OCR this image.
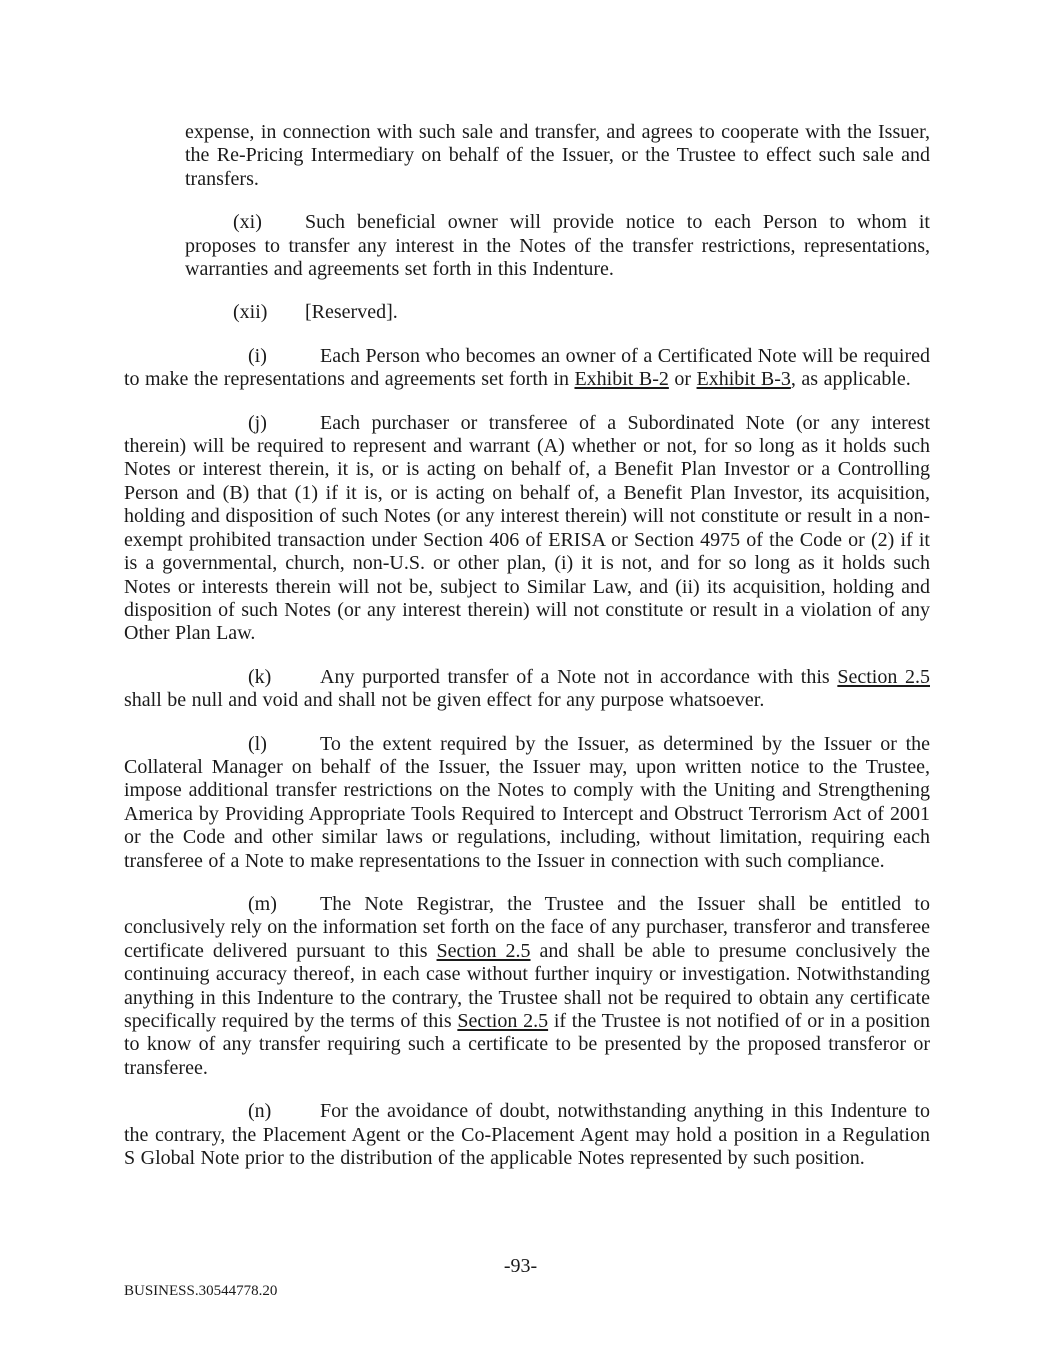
expense, in connection with such sale and transfer, and agrees to cooperate with the Issuer, the Re-Pricing Intermediary on behalf of the Issuer, or the Trustee to effect such sale and transfers.

(xi) Such beneficial owner will provide notice to each Person to whom it proposes to transfer any interest in the Notes of the transfer restrictions, representations, warranties and agreements set forth in this Indenture.

(xii) [Reserved].

(i)	Each Person who becomes an owner of a Certificated Note will be required to make the representations and agreements set forth in Exhibit B-2 or Exhibit B-3, as applicable.

(j)	Each purchaser or transferee of a Subordinated Note (or any interest therein) will be required to represent and warrant (A) whether or not, for so long as it holds such Notes or interest therein, it is, or is acting on behalf of, a Benefit Plan Investor or a Controlling Person and (B) that (1) if it is, or is acting on behalf of, a Benefit Plan Investor, its acquisition, holding and disposition of such Notes (or any interest therein) will not constitute or result in a non-exempt prohibited transaction under Section 406 of ERISA or Section 4975 of the Code or (2) if it is a governmental, church, non-U.S. or other plan, (i) it is not, and for so long as it holds such Notes or interests therein will not be, subject to Similar Law, and (ii) its acquisition, holding and disposition of such Notes (or any interest therein) will not constitute or result in a violation of any Other Plan Law.

(k) Any purported transfer of a Note not in accordance with this Section 2.5 shall be null and void and shall not be given effect for any purpose whatsoever.

(l)	To the extent required by the Issuer, as determined by the Issuer or the Collateral Manager on behalf of the Issuer, the Issuer may, upon written notice to the Trustee, impose additional transfer restrictions on the Notes to comply with the Uniting and Strengthening America by Providing Appropriate Tools Required to Intercept and Obstruct Terrorism Act of 2001 or the Code and other similar laws or regulations, including, without limitation, requiring each transferee of a Note to make representations to the Issuer in connection with such compliance.

(m) The Note Registrar, the Trustee and the Issuer shall be entitled to conclusively rely on the information set forth on the face of any purchaser, transferor and transferee certificate delivered pursuant to this Section 2.5 and shall be able to presume conclusively the continuing accuracy thereof, in each case without further inquiry or investigation. Notwithstanding anything in this Indenture to the contrary, the Trustee shall not be required to obtain any certificate specifically required by the terms of this Section 2.5 if the Trustee is not notified of or in a position to know of any transfer requiring such a certificate to be presented by the proposed transferor or transferee.

(n) For the avoidance of doubt, notwithstanding anything in this Indenture to the contrary, the Placement Agent or the Co-Placement Agent may hold a position in a Regulation S Global Note prior to the distribution of the applicable Notes represented by such position.

-93-
BUSINESS.30544778.20
